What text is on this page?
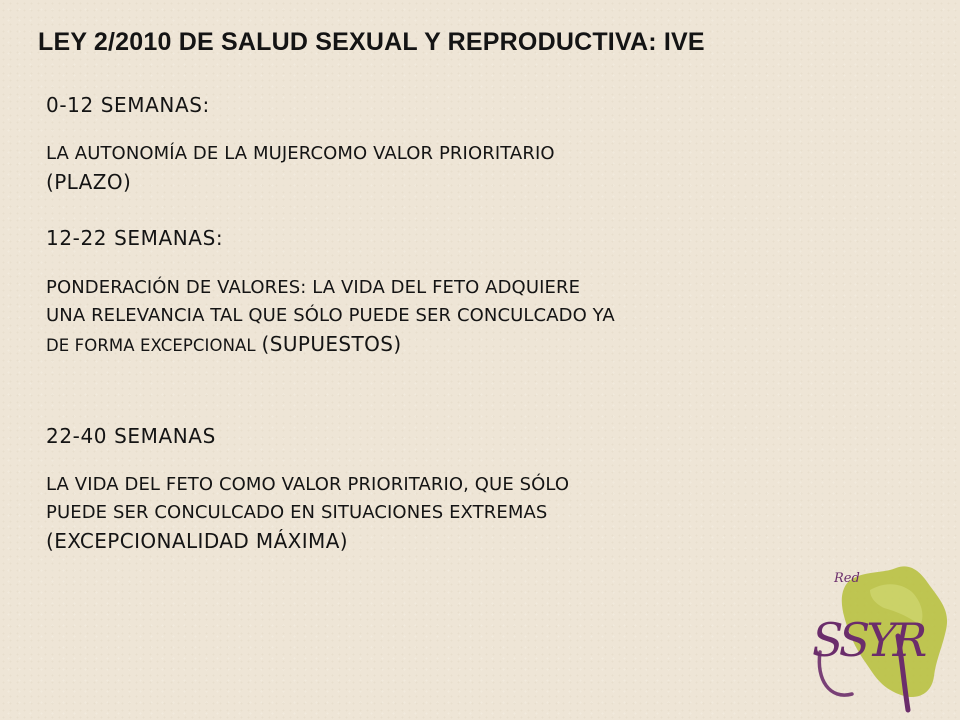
LEY 2/2010 DE SALUD SEXUAL Y REPRODUCTIVA: IVE

0-12 SEMANAS:

LA AUTONOMÍA DE LA MUJERCOMO VALOR PRIORITARIO
(PLAZO)

12-22 SEMANAS:

PONDERACIÓN DE VALORES: LA VIDA DEL FETO ADQUIERE
UNA RELEVANCIA TAL QUE SÓLO PUEDE SER CONCULCADO YA
DE FORMA EXCEPCIONAL (SUPUESTOS)

22-40 SEMANAS

LA VIDA DEL FETO COMO VALOR PRIORITARIO, QUE SÓLO
PUEDE SER CONCULCADO EN SITUACIONES EXTREMAS
(EXCEPCIONALIDAD MÁXIMA)

Red
SSYR
